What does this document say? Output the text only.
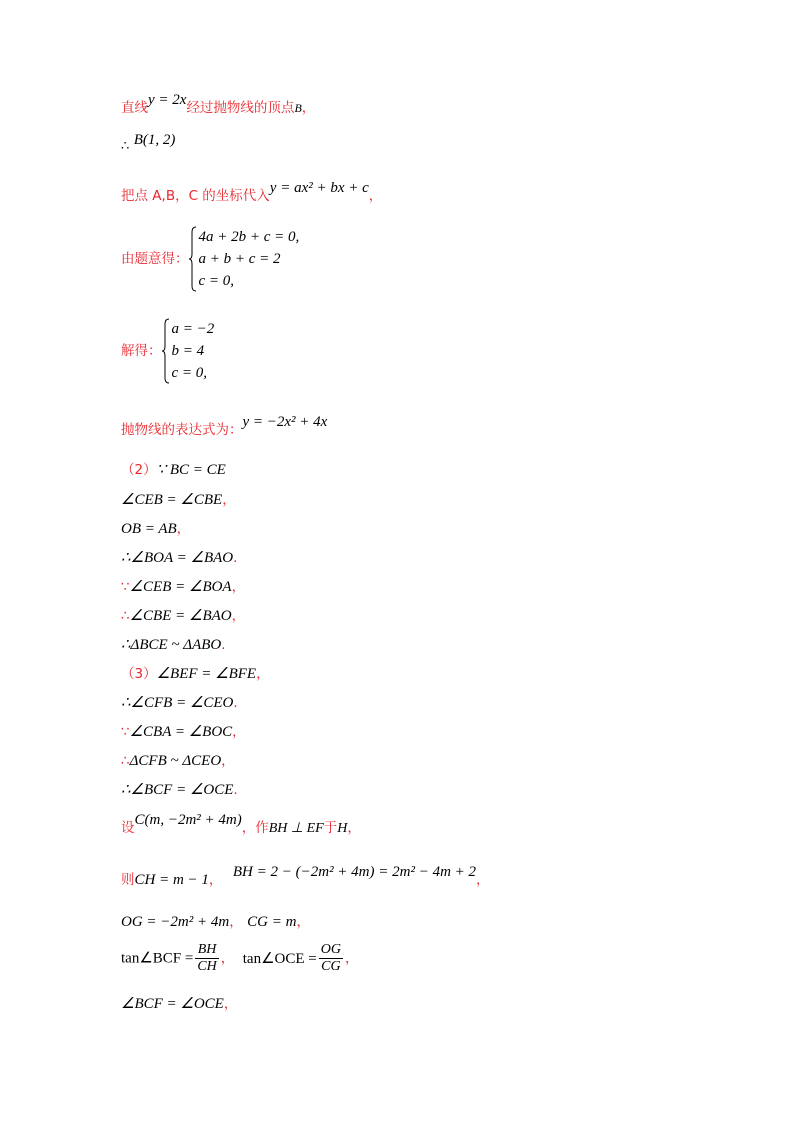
直线y = 2x经过抛物线的顶点B，
∴ B(1, 2)
把点 A,B，C 的坐标代入y = ax² + bx + c，
由题意得：
4a + 2b + c = 0,
a + b + c = 2
c = 0,
解得：
a = −2
b = 4
c = 0,
抛物线的表达式为：y = −2x² + 4x
（2）∵ BC = CE
∠CEB = ∠CBE，
OB = AB，
∴∠BOA = ∠BAO.
∵∠CEB = ∠BOA，
∴∠CBE = ∠BAO，
∴ΔBCE ~ ΔABO.
（3）∠BEF = ∠BFE，
∴∠CFB = ∠CEO.
∵∠CBA = ∠BOC，
∴ΔCFB ~ ΔCEO，
∴∠BCF = ∠OCE.
设C(m, −2m² + 4m)，作BH ⊥ EF于H，
则CH = m − 1， BH = 2 − (−2m² + 4m) = 2m² − 4m + 2，
OG = −2m² + 4m， CG = m，
tan∠BCF = $\frac{BH}{CH}$ ， tan∠OCE = $\frac{OG}{CG}$ ，
∠BCF = ∠OCE，
